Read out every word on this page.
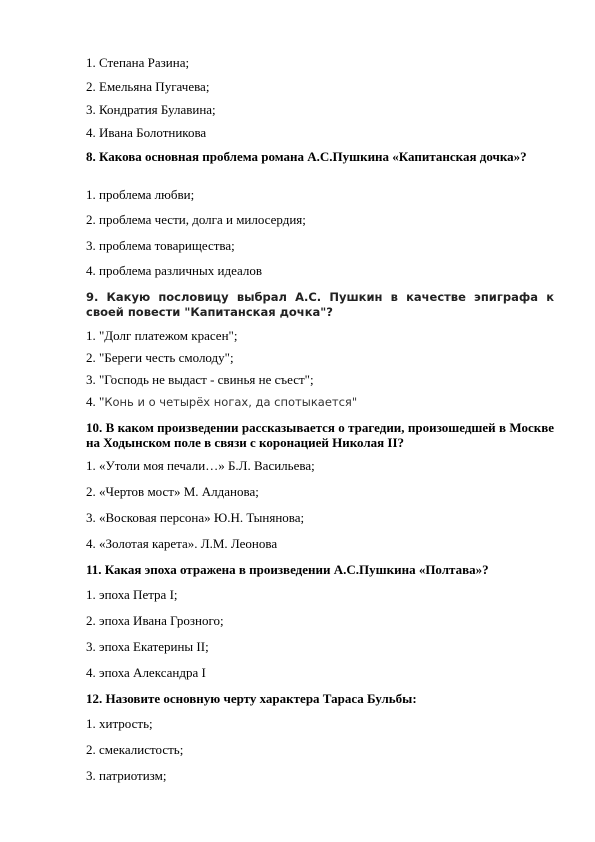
1. Степана Разина;
2. Емельяна Пугачева;
3. Кондратия Булавина;
4. Ивана Болотникова
8. Какова основная проблема романа А.С.Пушкина «Капитанская дочка»?
1. проблема любви;
2. проблема чести, долга и милосердия;
3. проблема товарищества;
4. проблема различных идеалов
9. Какую пословицу выбрал А.С. Пушкин в качестве эпиграфа к своей повести "Капитанская дочка"?
1. "Долг платежом красен";
2. "Береги честь смолоду";
3. "Господь не выдаст - свинья не съест";
4. "Конь и о четырёх ногах, да спотыкается"
10. В каком произведении рассказывается о трагедии, произошедшей в Москве на Ходынском поле в связи с коронацией Николая II?
1. «Утоли моя печали…» Б.Л. Васильева;
2. «Чертов мост» М. Алданова;
3. «Восковая персона» Ю.Н. Тынянова;
4. «Золотая карета». Л.М. Леонова
11. Какая эпоха отражена в произведении А.С.Пушкина «Полтава»?
1. эпоха Петра I;
2. эпоха Ивана Грозного;
3. эпоха Екатерины II;
4. эпоха Александра I
12. Назовите основную черту характера Тараса Бульбы:
1. хитрость;
2. смекалистость;
3. патриотизм;
